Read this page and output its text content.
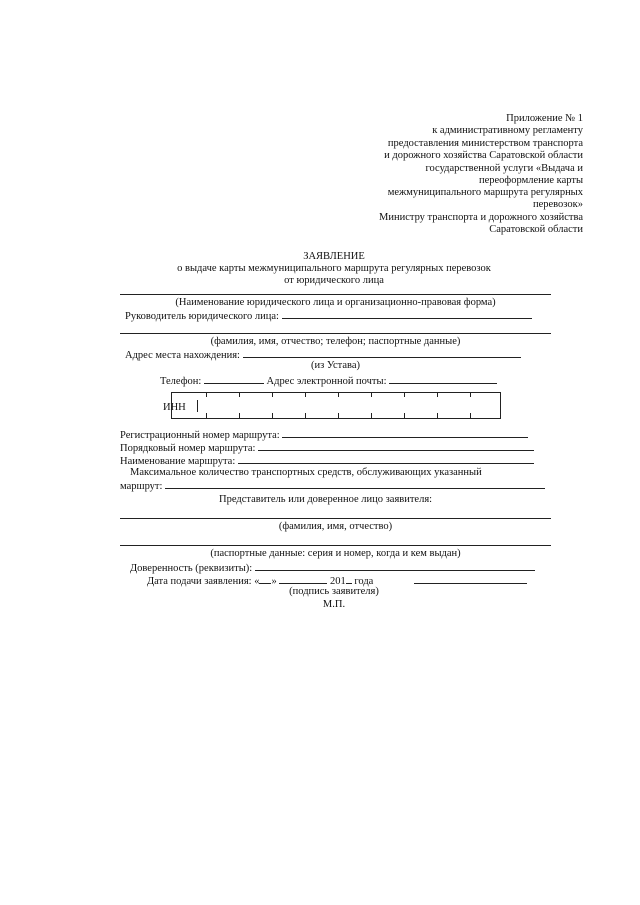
Приложение № 1
к административному регламенту
предоставления министерством транспорта
и дорожного хозяйства Саратовской области
государственной услуги «Выдача и
переоформление карты
межмуниципального маршрута регулярных
перевозок»
Министру транспорта и дорожного хозяйства
Саратовской области
ЗАЯВЛЕНИЕ
о выдаче карты межмуниципального маршрута регулярных перевозок
от юридического лица
(Наименование юридического лица и организационно-правовая форма)
Руководитель юридического лица:
(фамилия, имя, отчество; телефон; паспортные данные)
Адрес места нахождения:
(из Устава)
Телефон:	Адрес электронной почты:
ИНН
Регистрационный номер маршрута:
Порядковый номер маршрута:
Наименование маршрута:
Максимальное количество транспортных средств, обслуживающих указанный
маршрут:
Представитель или доверенное лицо заявителя:
(фамилия, имя, отчество)
(паспортные данные: серия и номер, когда и кем выдан)
Доверенность (реквизиты):
Дата подачи заявления: « »	201 года
(подпись заявителя)
М.П.
